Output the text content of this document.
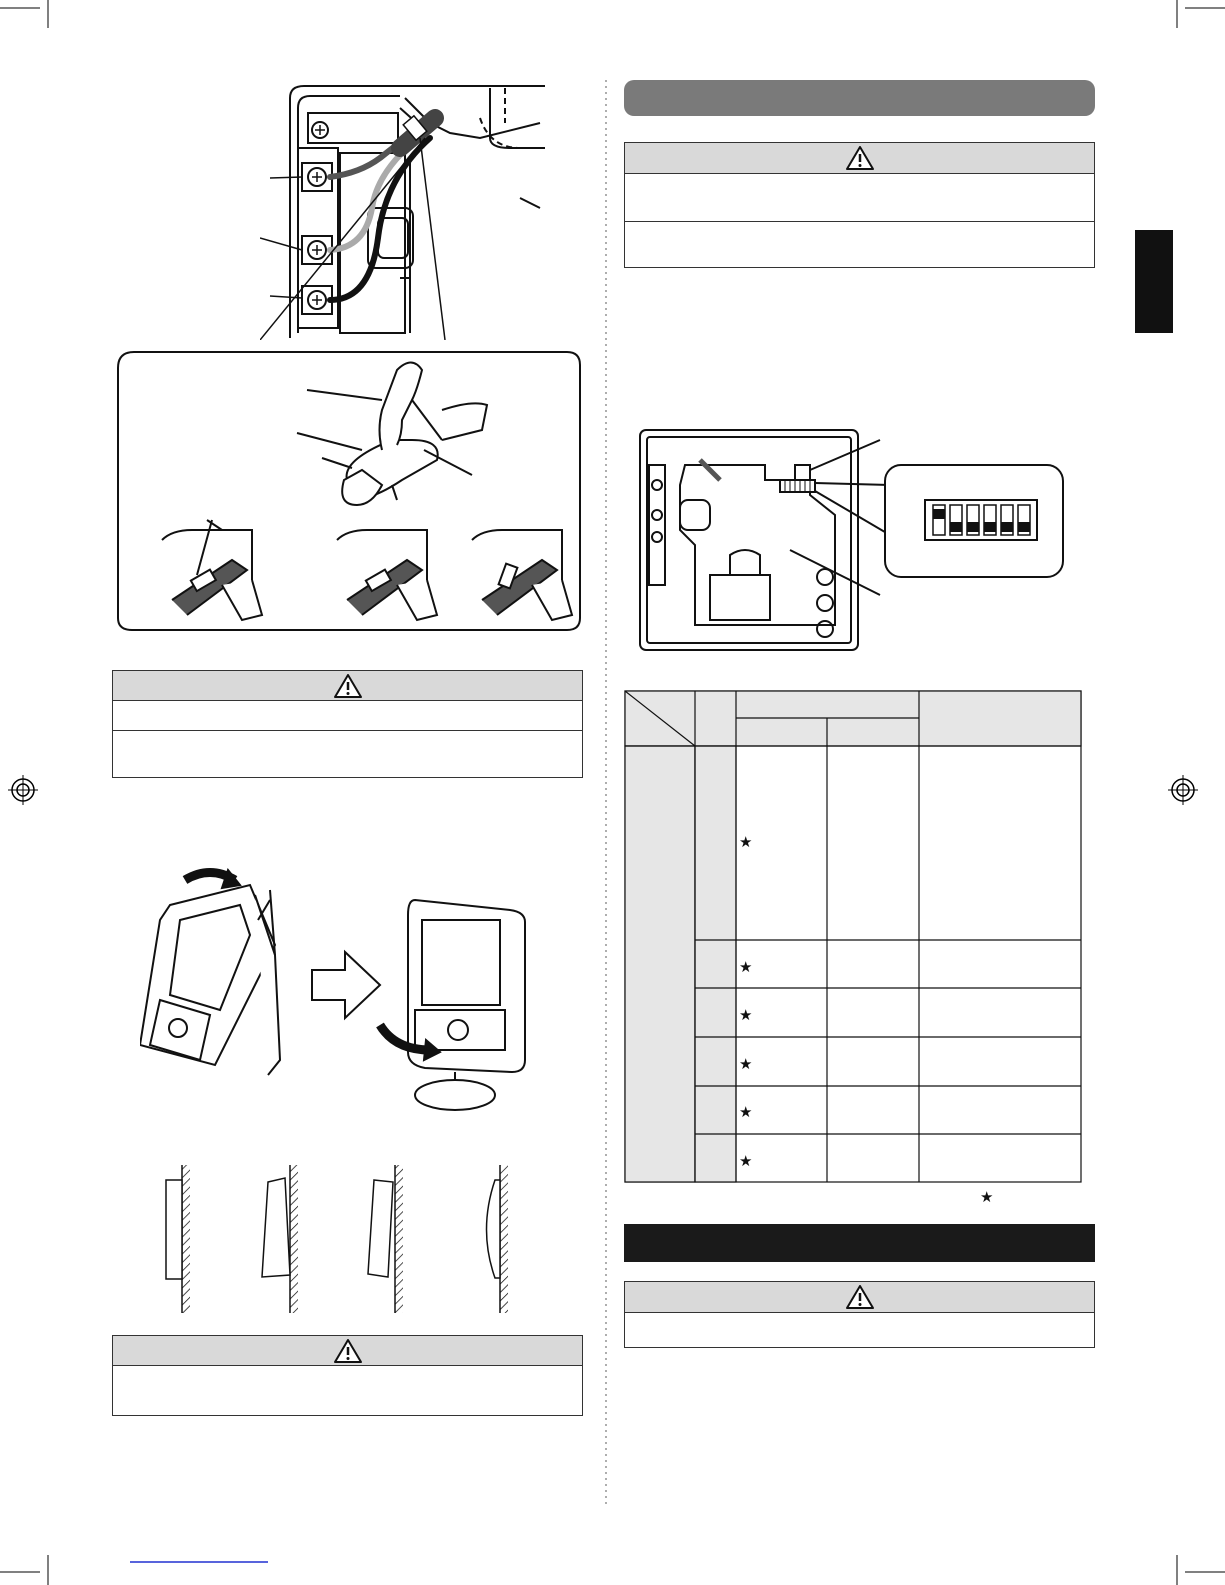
★
★
★
★
★
★
★
